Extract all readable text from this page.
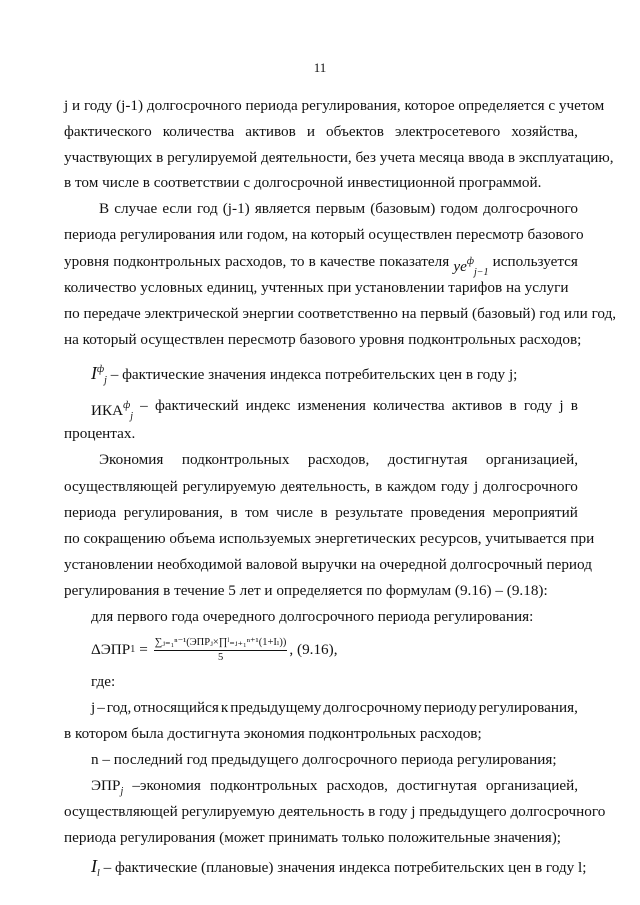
11
j и году (j-1) долгосрочного периода регулирования, которое определяется с учетом
фактического количества активов и объектов электросетевого хозяйства,
участвующих в регулируемой деятельности, без учета месяца ввода в эксплуатацию,
в том числе в соответствии с долгосрочной инвестиционной программой.
В случае если год (j-1) является первым (базовым) годом долгосрочного
периода регулирования или годом, на который осуществлен пересмотр базового
уровня подконтрольных расходов, то в качестве показателя $уе^ф_{j-1}$
используется
количество условных единиц, учтенных при установлении тарифов на услуги
по передаче электрической энергии соответственно на первый (базовый) год или год,
на который осуществлен пересмотр базового уровня подконтрольных расходов;
$I^ф_j$ – фактические значения индекса потребительских цен в году j;
$ИКА^ф_j$
– фактический индекс изменения количества активов в году j в
процентах.
Экономия подконтрольных расходов, достигнутая организацией,
осуществляющей регулируемую деятельность, в каждом году j долгосрочного
периода регулирования, в том числе в результате проведения мероприятий
по сокращению объема используемых энергетических ресурсов, учитывается при
установлении необходимой валовой выручки на очередной долгосрочный период
регулирования в течение 5 лет и определяется по формулам (9.16) – (9.18):
для первого года очередного долгосрочного периода регулирования:
ΔЭПР $1 = \frac{\text{∑ⱼ₌₁ⁿ⁻¹(ЭПРⱼ×∏ˡ₌ⱼ₊₁ⁿ⁺¹(1+Iₗ))}}{5}$ , (9.16),
где:
j – год, относящийся к предыдущему долгосрочному периоду регулирования,
в котором была достигнута экономия подконтрольных расходов;
n – последний год предыдущего долгосрочного периода регулирования;
$ЭПР_j$ –экономия подконтрольных расходов, достигнутая организацией,
осуществляющей регулируемую деятельность в году j предыдущего долгосрочного
периода регулирования (может принимать только положительные значения);
$I_l$ – фактические (плановые) значения индекса потребительских цен в году l;
